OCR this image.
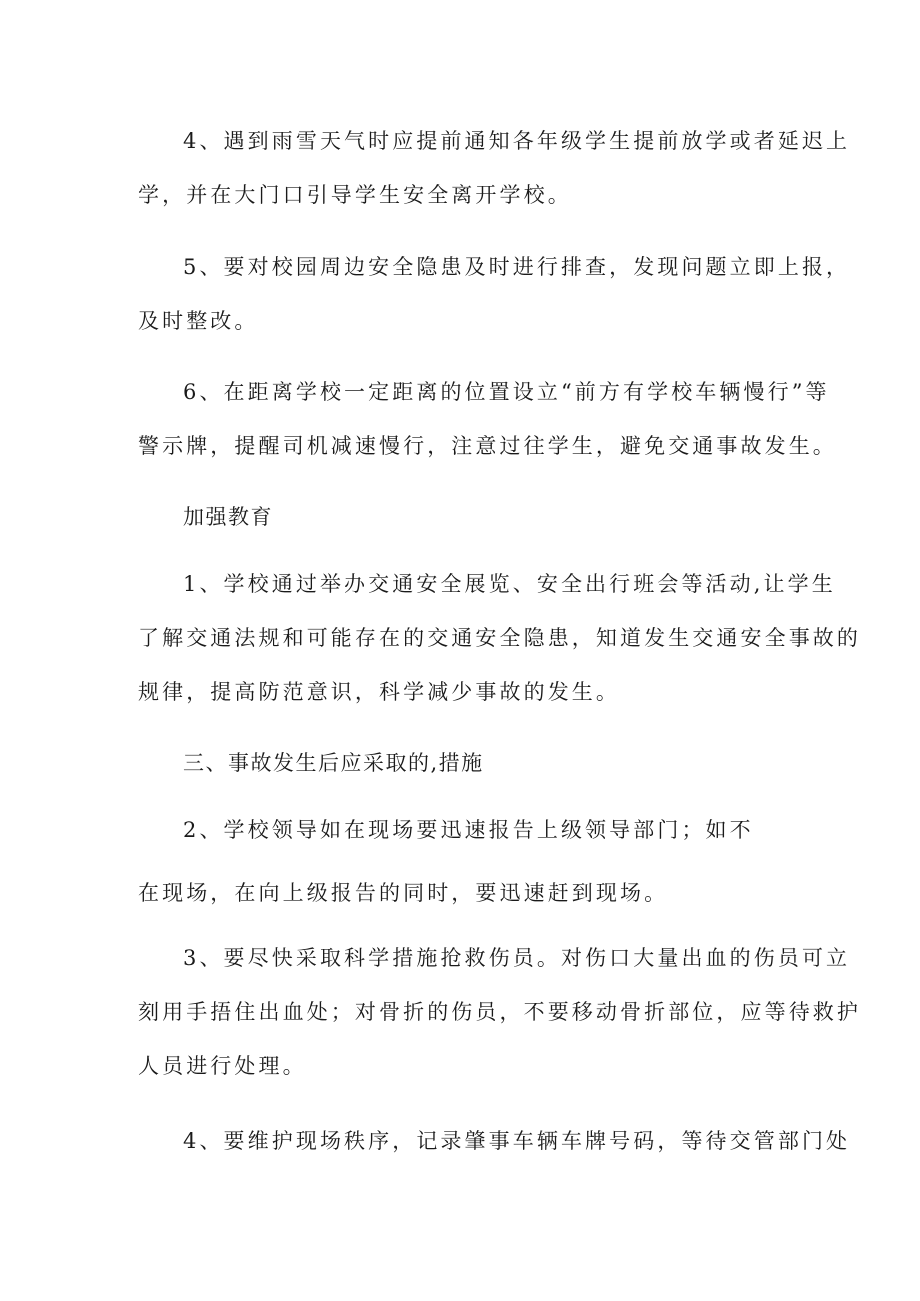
4、遇到雨雪天气时应提前通知各年级学生提前放学或者延迟上
学，并在大门口引导学生安全离开学校。
5、要对校园周边安全隐患及时进行排查，发现问题立即上报，
及时整改。
6、在距离学校一定距离的位置设立“前方有学校车辆慢行”等
警示牌，提醒司机减速慢行，注意过往学生，避免交通事故发生。
加强教育
1、学校通过举办交通安全展览、安全出行班会等活动,让学生
了解交通法规和可能存在的交通安全隐患，知道发生交通安全事故的
规律，提高防范意识，科学减少事故的发生。
三、事故发生后应采取的,措施
2、学校领导如在现场要迅速报告上级领导部门；如不
在现场，在向上级报告的同时，要迅速赶到现场。
3、要尽快采取科学措施抢救伤员。对伤口大量出血的伤员可立
刻用手捂住出血处；对骨折的伤员，不要移动骨折部位，应等待救护
人员进行处理。
4、要维护现场秩序，记录肇事车辆车牌号码，等待交管部门处
